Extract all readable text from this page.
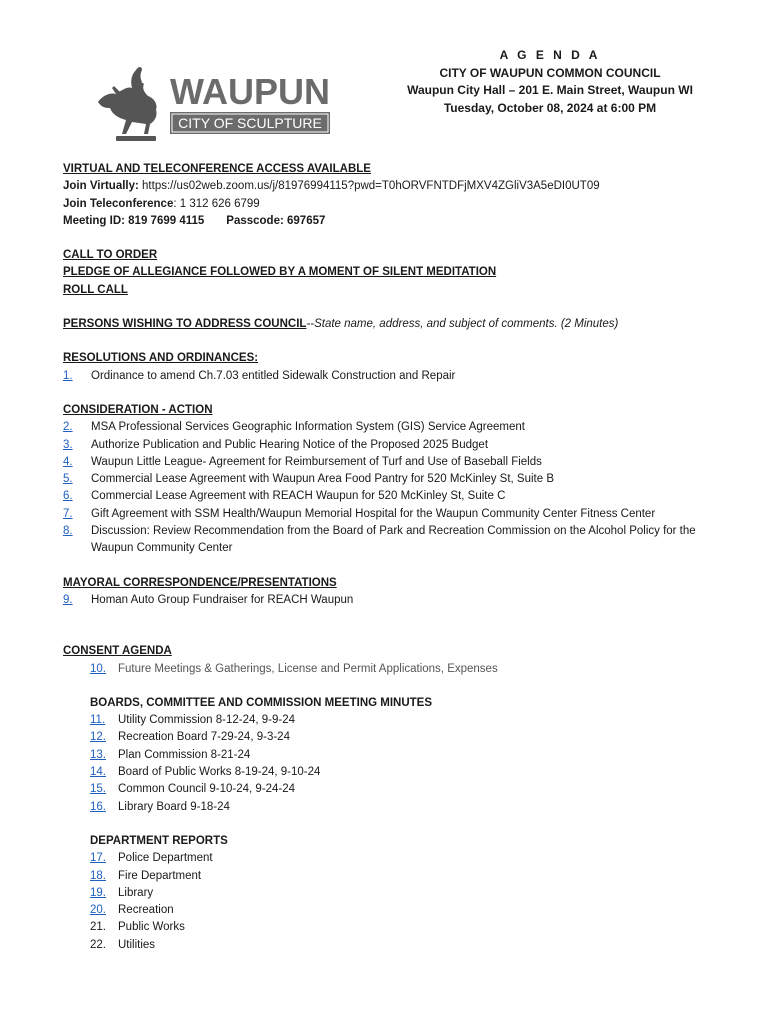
WAUPUN
CITY OF SCULPTURE
A G E N D A
CITY OF WAUPUN COMMON COUNCIL
Waupun City Hall – 201 E. Main Street, Waupun WI
Tuesday, October 08, 2024 at 6:00 PM
VIRTUAL AND TELECONFERENCE ACCESS AVAILABLE
Join Virtually: https://us02web.zoom.us/j/81976994115?pwd=T0hORVFNTDFjMXV4ZGliV3A5eDI0UT09
Join Teleconference: 1 312 626 6799
Meeting ID: 819 7699 4115 Passcode: 697657
CALL TO ORDER
PLEDGE OF ALLEGIANCE FOLLOWED BY A MOMENT OF SILENT MEDITATION
ROLL CALL
PERSONS WISHING TO ADDRESS COUNCIL--State name, address, and subject of comments. (2 Minutes)
RESOLUTIONS AND ORDINANCES:
1.	Ordinance to amend Ch.7.03 entitled Sidewalk Construction and Repair
CONSIDERATION - ACTION
2.	MSA Professional Services Geographic Information System (GIS) Service Agreement
3.	Authorize Publication and Public Hearing Notice of the Proposed 2025 Budget
4.	Waupun Little League- Agreement for Reimbursement of Turf and Use of Baseball Fields
5.	Commercial Lease Agreement with Waupun Area Food Pantry for 520 McKinley St, Suite B
6.	Commercial Lease Agreement with REACH Waupun for 520 McKinley St, Suite C
7.	Gift Agreement with SSM Health/Waupun Memorial Hospital for the Waupun Community Center Fitness Center
8.	Discussion: Review Recommendation from the Board of Park and Recreation Commission on the Alcohol Policy for the Waupun Community Center
MAYORAL CORRESPONDENCE/PRESENTATIONS
9.	Homan Auto Group Fundraiser for REACH Waupun
CONSENT AGENDA
10.	Future Meetings & Gatherings, License and Permit Applications, Expenses
BOARDS, COMMITTEE AND COMMISSION MEETING MINUTES
11.	Utility Commission 8-12-24, 9-9-24
12.	Recreation Board 7-29-24, 9-3-24
13.	Plan Commission 8-21-24
14.	Board of Public Works 8-19-24, 9-10-24
15.	Common Council 9-10-24, 9-24-24
16.	Library Board 9-18-24
DEPARTMENT REPORTS
17.	Police Department
18.	Fire Department
19.	Library
20.	Recreation
21.	Public Works
22.	Utilities
